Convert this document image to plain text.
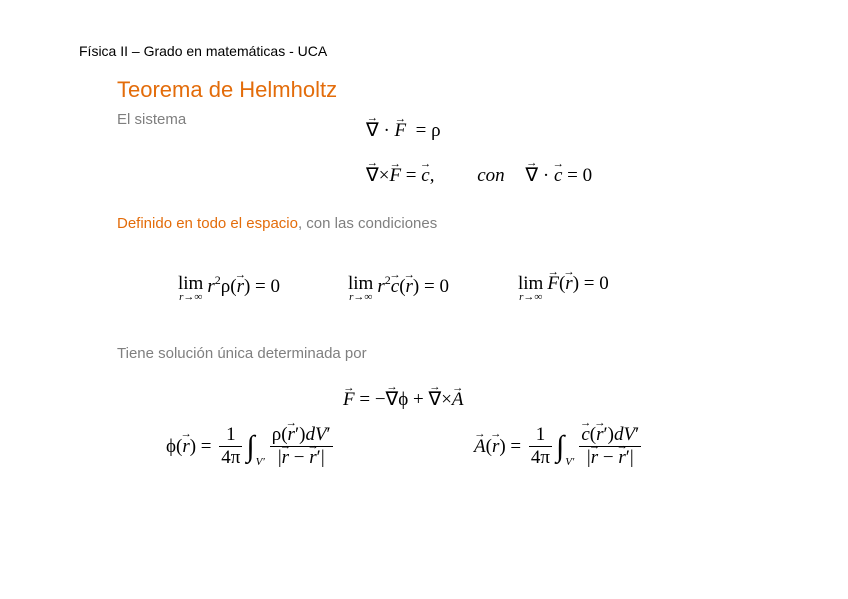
Física II – Grado en matemáticas - UCA
Teorema de Helmholtz
El sistema
→ ∇ · → F  = ρ
→ ∇×→ F = → c, con → ∇ · → c = 0
Definido en todo el espacio, con las condiciones
lim
r→∞ $r^2\rho(\to r) = 0$	lim
r→∞ $r^2\to c(\to r) = 0$	lim
r→∞
→ F(→ r) = 0
Tiene solución única determinada por
→ F = −→ ∇ϕ + → ∇×→ A
$\phi(\to r) = \frac{1}{4\pi} \int_{V'} \frac{\rho(\to r')dV'}{|\to r - \to r'|}$
→	$A(\to r) = \frac{1}{4\pi} \int_{V'}$
→ $\frac{c(\to r')dV'}{|\to r - \to r'|}$
